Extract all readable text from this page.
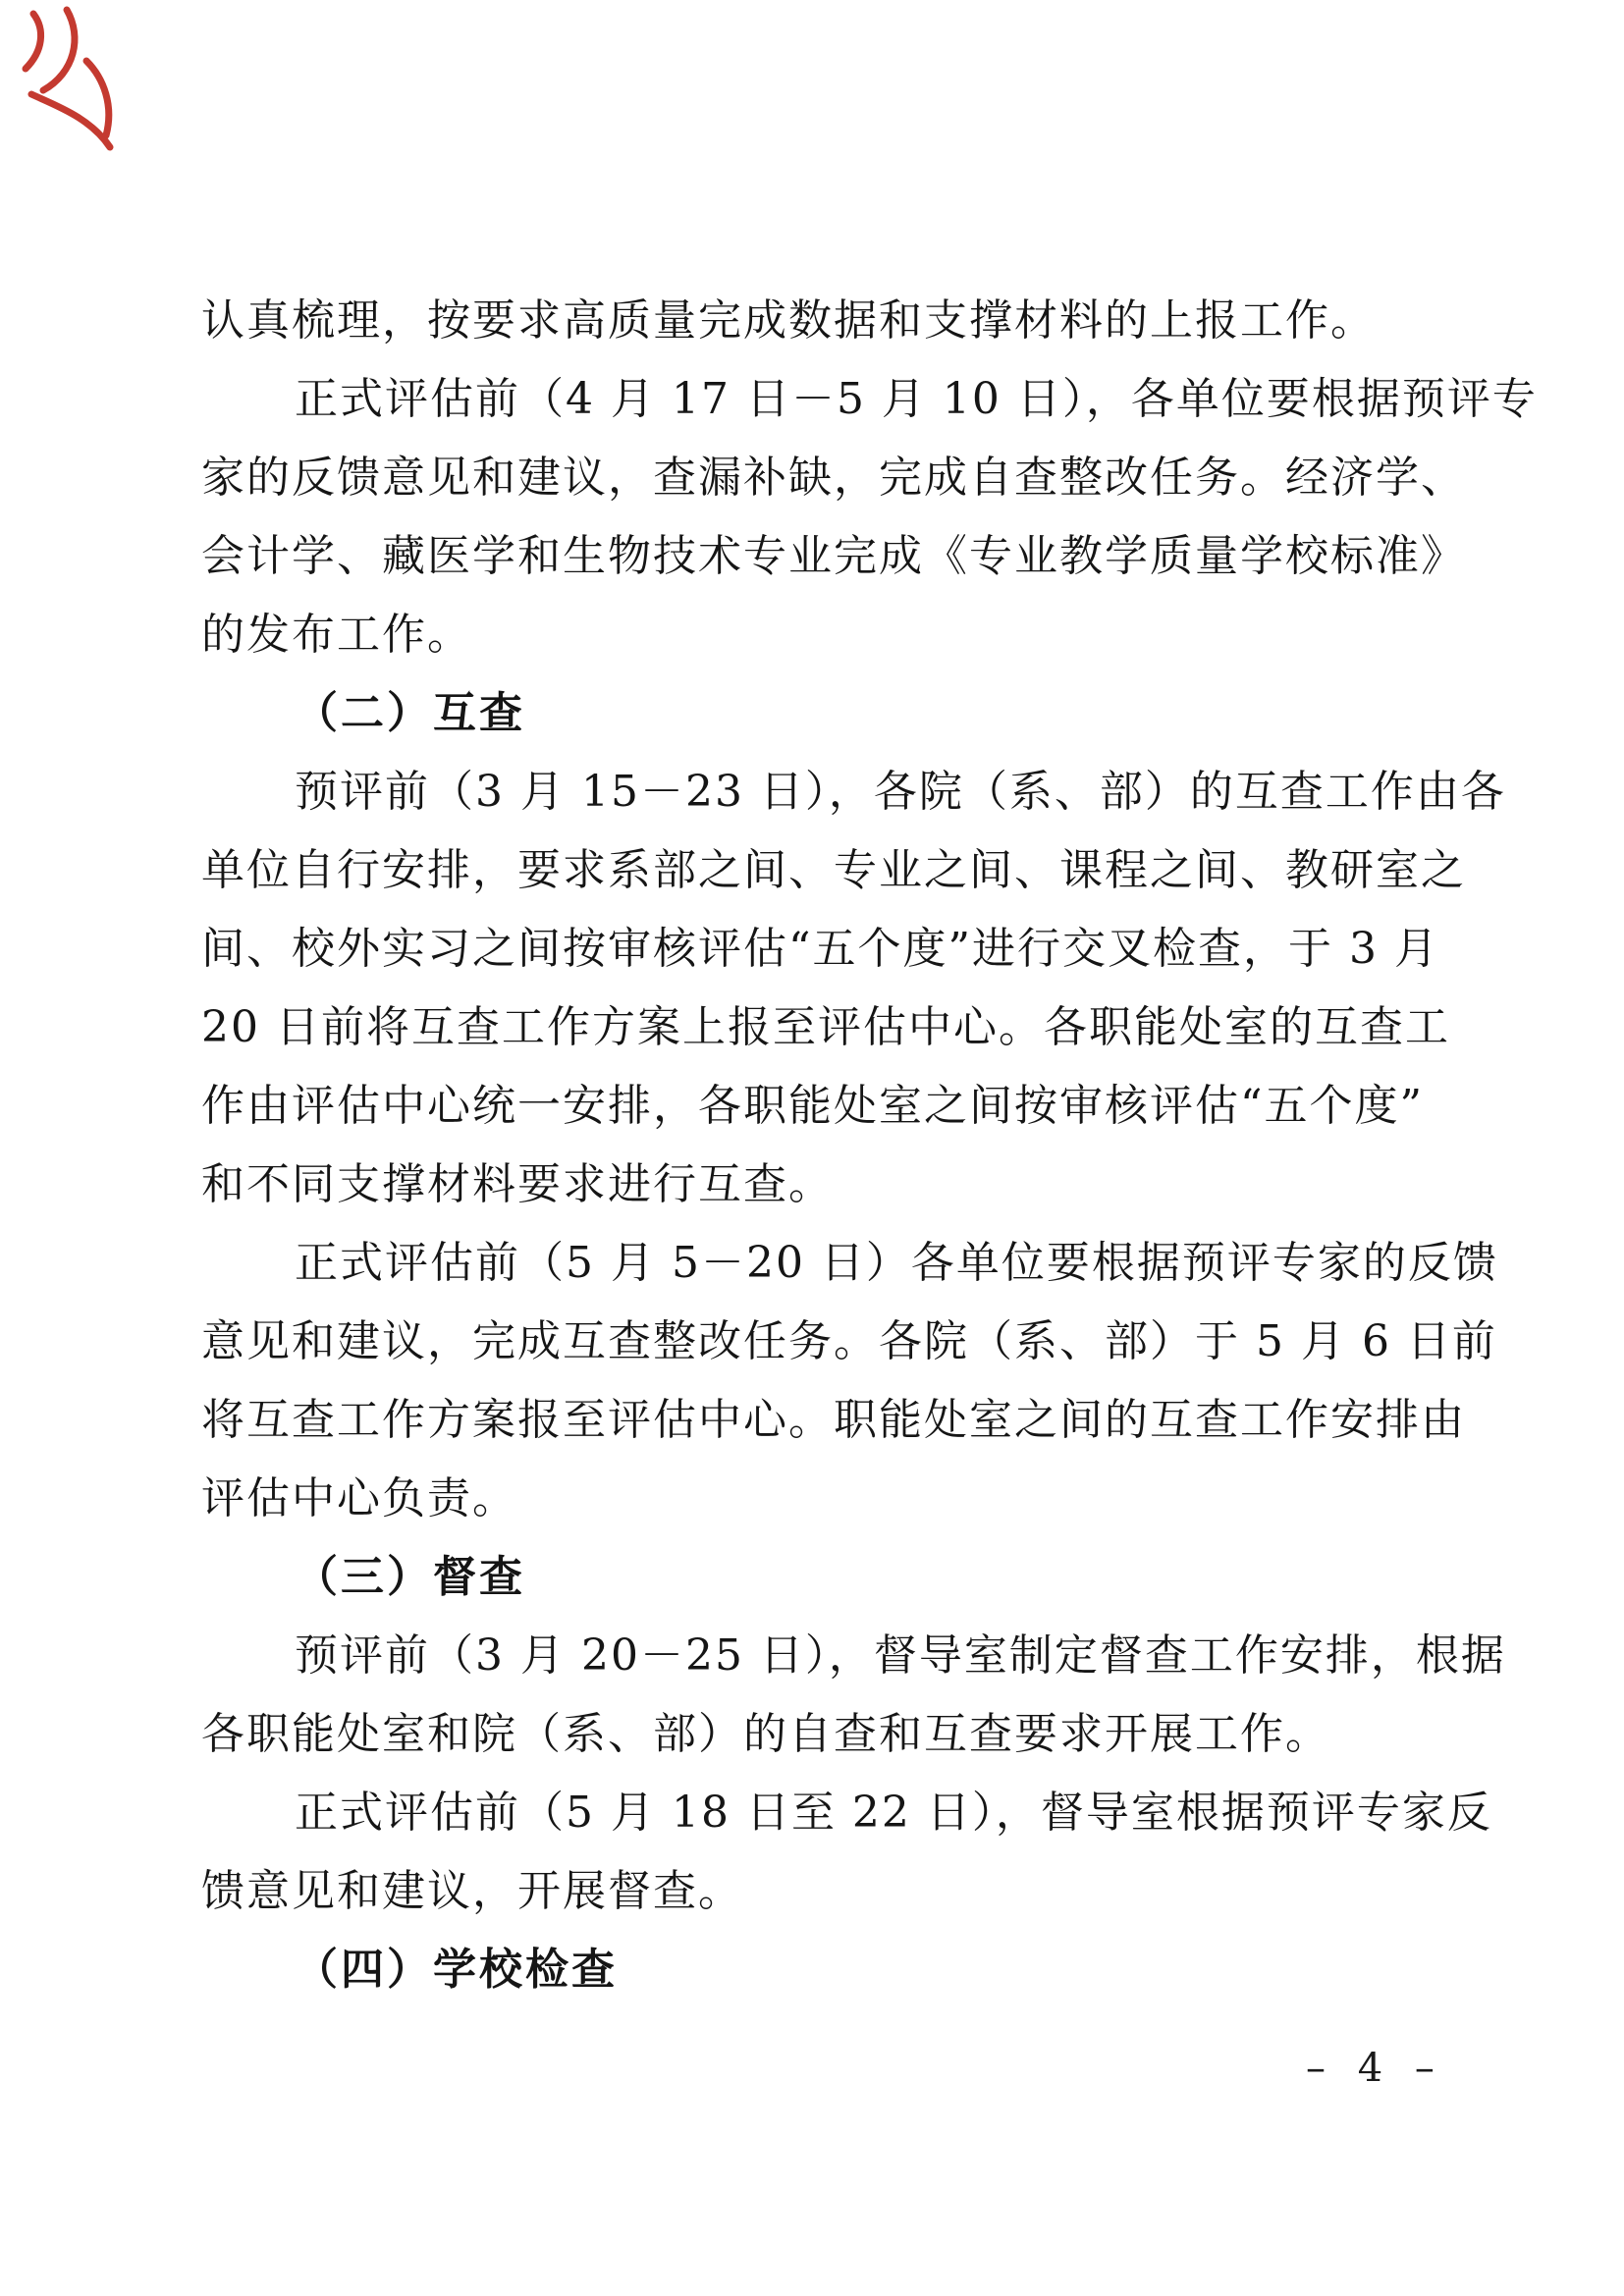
认真梳理，按要求高质量完成数据和支撑材料的上报工作。
正式评估前（4 月 17 日－5 月 10 日），各单位要根据预评专
家的反馈意见和建议，查漏补缺，完成自查整改任务。经济学、
会计学、藏医学和生物技术专业完成《专业教学质量学校标准》
的发布工作。
（二）互查
预评前（3 月 15－23 日），各院（系、部）的互查工作由各
单位自行安排，要求系部之间、专业之间、课程之间、教研室之
间、校外实习之间按审核评估“五个度”进行交叉检查，于 3 月
20 日前将互查工作方案上报至评估中心。各职能处室的互查工
作由评估中心统一安排，各职能处室之间按审核评估“五个度”
和不同支撑材料要求进行互查。
正式评估前（5 月 5－20 日）各单位要根据预评专家的反馈
意见和建议，完成互查整改任务。各院（系、部）于 5 月 6 日前
将互查工作方案报至评估中心。职能处室之间的互查工作安排由
评估中心负责。
（三）督查
预评前（3 月 20－25 日），督导室制定督查工作安排，根据
各职能处室和院（系、部）的自查和互查要求开展工作。
正式评估前（5 月 18 日至 22 日），督导室根据预评专家反
馈意见和建议，开展督查。
（四）学校检查
– 4 –
